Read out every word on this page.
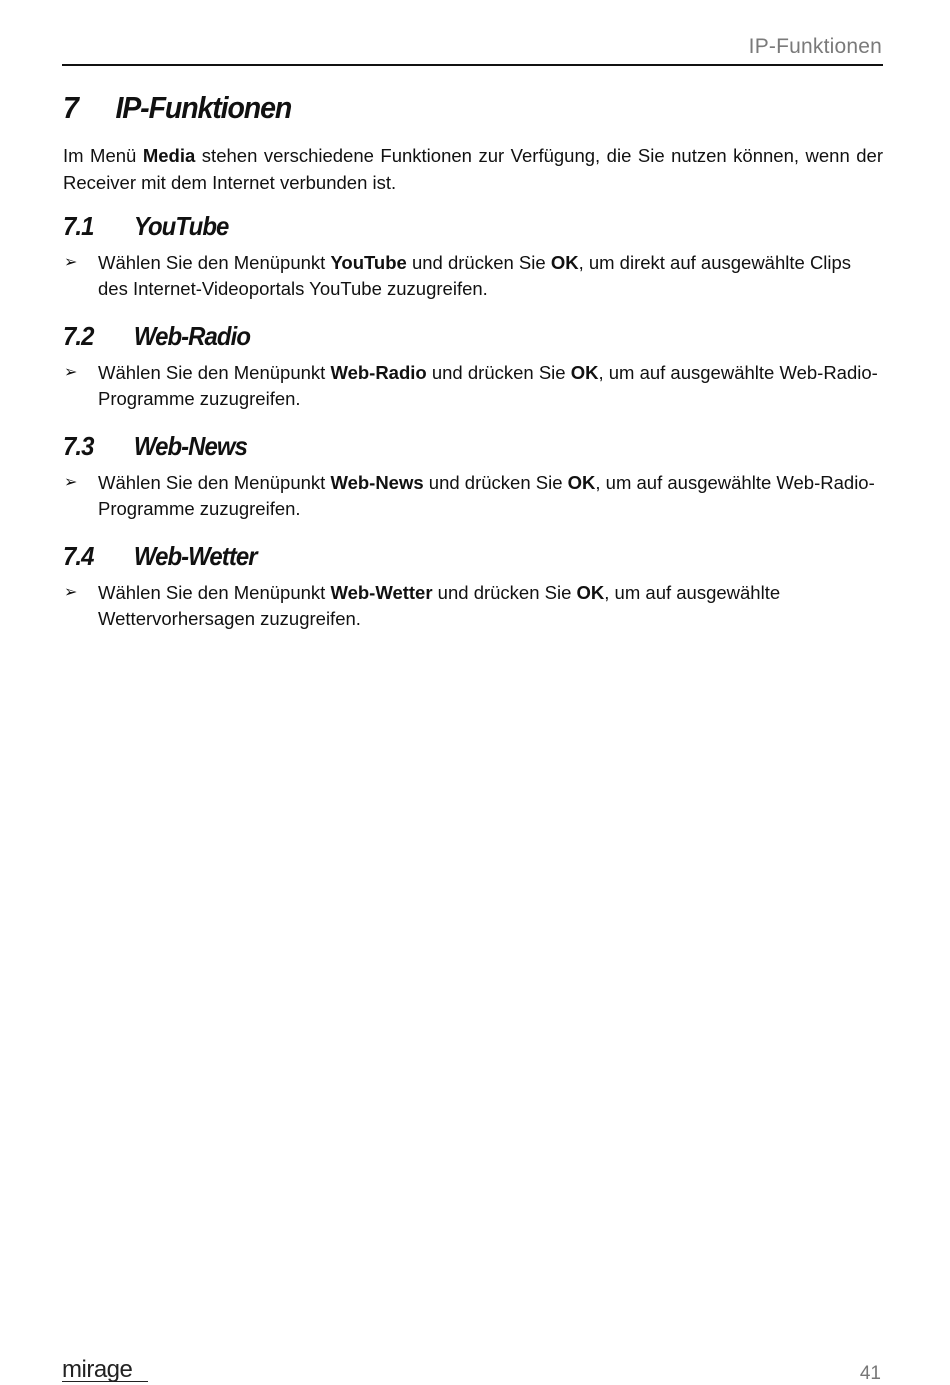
IP-Funktionen
7	IP-Funktionen

Im Menü Media stehen verschiedene Funktionen zur Verfügung, die Sie nutzen können, wenn der Receiver mit dem Internet verbunden ist.

7.1	YouTube
➢ Wählen Sie den Menüpunkt YouTube und drücken Sie OK, um direkt auf ausgewählte Clips des Internet-Videoportals YouTube zuzugreifen.
7.2	Web-Radio
➢ Wählen Sie den Menüpunkt Web-Radio und drücken Sie OK, um auf ausgewählte Web-Radio-Programme zuzugreifen.
7.3	Web-News
➢ Wählen Sie den Menüpunkt Web-News und drücken Sie OK, um auf ausgewählte Web-Radio-Programme zuzugreifen.
7.4	Web-Wetter
➢ Wählen Sie den Menüpunkt Web-Wetter und drücken Sie OK, um auf ausgewählte Wettervorhersagen zuzugreifen.
mirage	41
